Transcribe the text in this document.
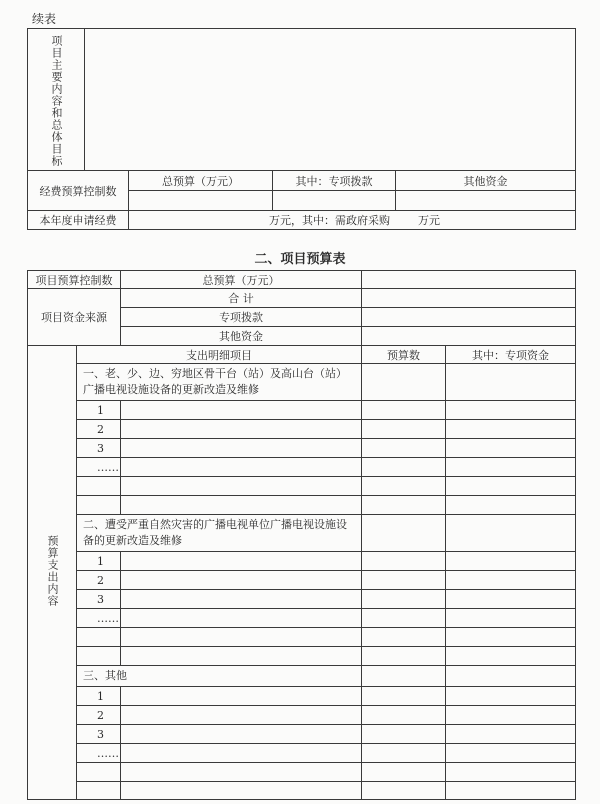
续表
项目主要内容和总体目标				
经费预算控制数		总预算（万元）	其中：专项拨款	其他资金

本年度申请经费		万元，其中：需政府采购 万元		
二、项目预算表
项目预算控制数		总预算（万元）		
项目资金来源		合 计		
		专项拨款		
		其他资金		
预算支出内容	支出明细项目		预算数	其中：专项资金
	一、老、少、边、穷地区骨干台（站）及高山台（站）广播电视设施设备的更新改造及维修			
	1			
	2			
	3			
	……			

	二、遭受严重自然灾害的广播电视单位广播电视设施设备的更新改造及维修			
	1			
	2			
	3			
	……			

	三、其他			
	1			
	2			
	3			
	……			
